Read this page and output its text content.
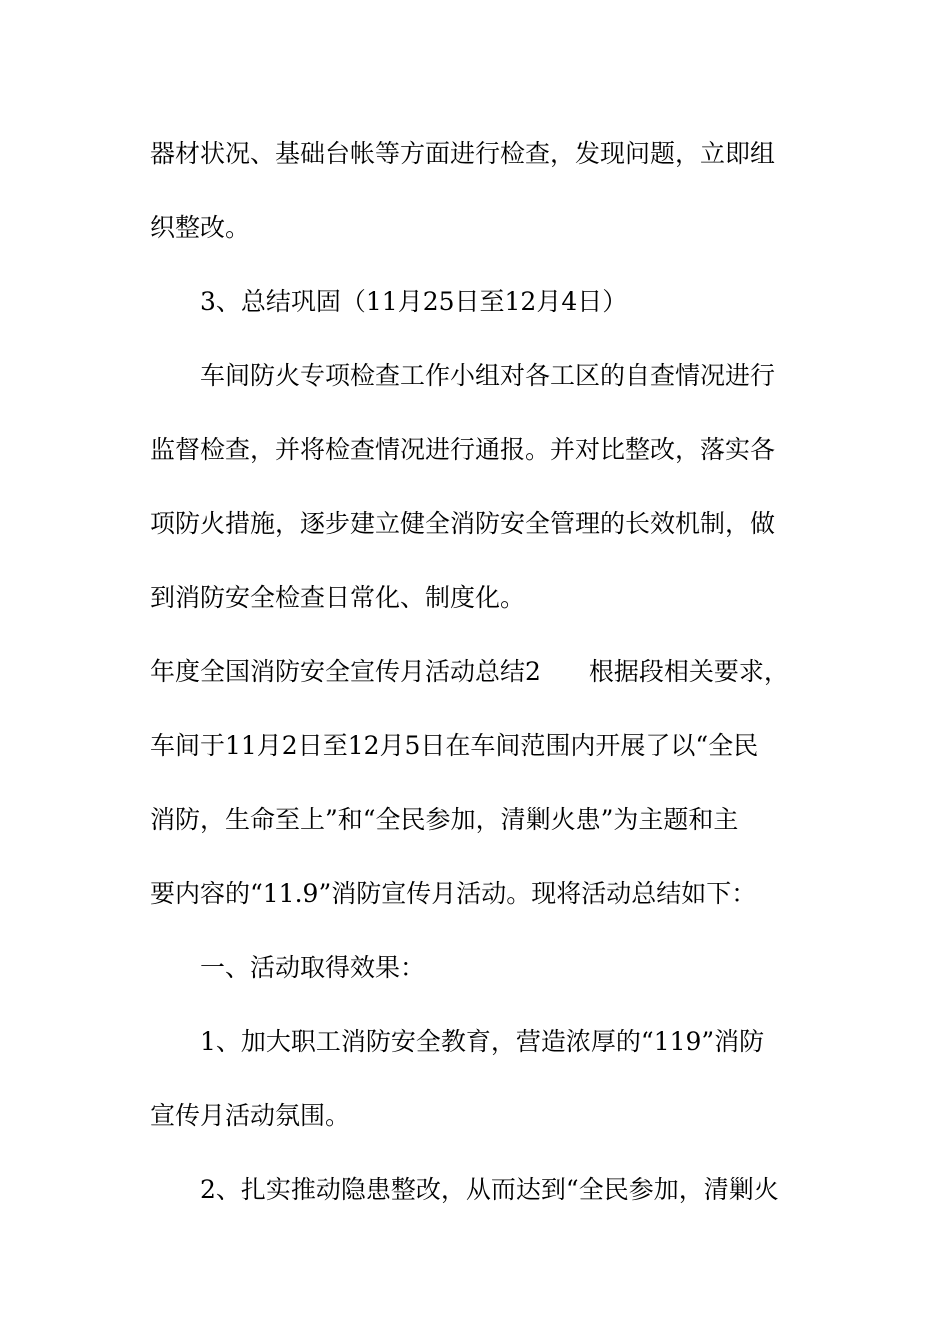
器材状况、基础台帐等方面进行检查，发现问题，立即组
织整改。
3、总结巩固（11月25日至12月4日）
车间防火专项检查工作小组对各工区的自查情况进行
监督检查，并将检查情况进行通报。并对比整改，落实各
项防火措施，逐步建立健全消防安全管理的长效机制，做
到消防安全检查日常化、制度化。
年度全国消防安全宣传月活动总结2 根据段相关要求，
车间于11月2日至12月5日在车间范围内开展了以“全民
消防，生命至上”和“全民参加，清剿火患”为主题和主
要内容的“11.9”消防宣传月活动。现将活动总结如下：
一、活动取得效果：
1、加大职工消防安全教育，营造浓厚的“119”消防
宣传月活动氛围。
2、扎实推动隐患整改，从而达到“全民参加，清剿火
